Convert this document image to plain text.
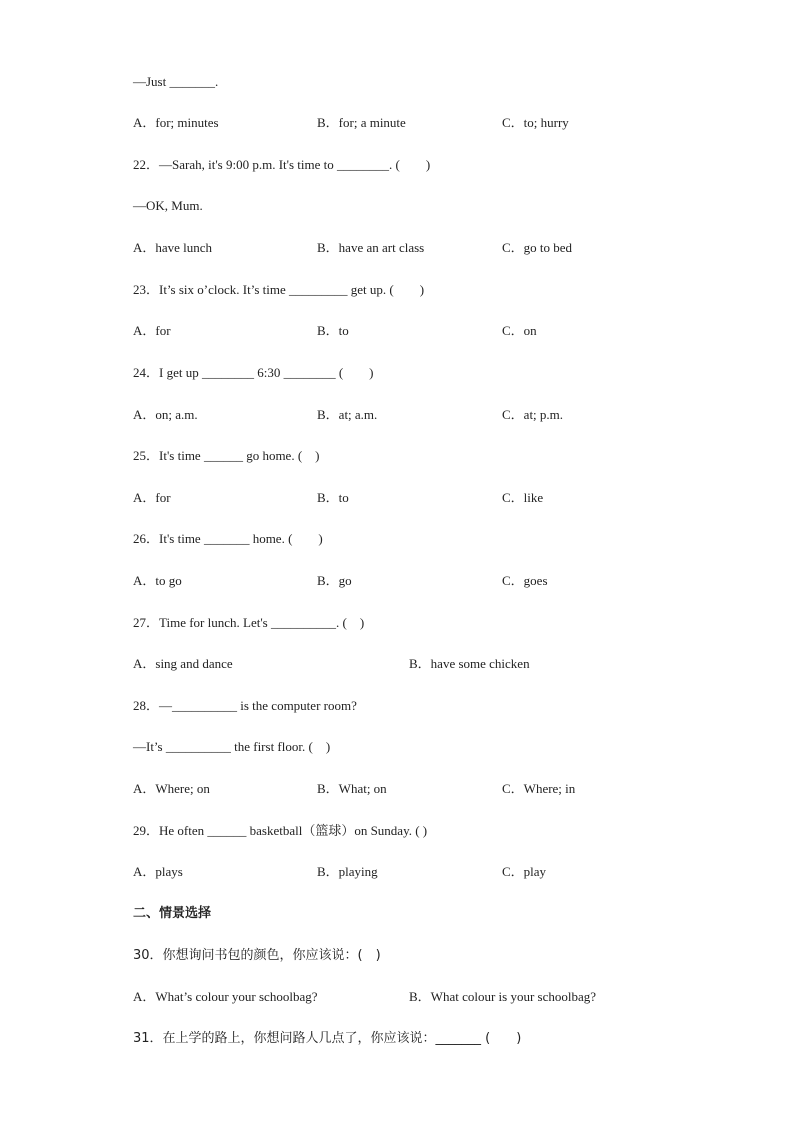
—Just _______.
A．for; minutes	B．for; a minute	C．to; hurry
22．—Sarah, it's 9:00 p.m. It's time to ________. (　　)
—OK, Mum.
A．have lunch	B．have an art class	C．go to bed
23．It’s six o’clock. It’s time _________ get up. (　　)
A．for	B．to	C．on
24．I get up ________ 6:30 ________ (　　)
A．on; a.m.	B．at; a.m.	C．at; p.m.
25．It's time ______ go home. (　)
A．for	B．to	C．like
26．It's time _______ home. (　　)
A．to go	B．go	C．goes
27．Time for lunch. Let's __________. (　)
A．sing and dance	B．have some chicken
28．—__________ is the computer room?
—It’s __________ the first floor. (　)
A．Where; on	B．What; on	C．Where; in
29．He often ______ basketball（篮球）on Sunday. ( )
A．plays	B．playing	C．play
二、情景选择
30．你想询问书包的颜色，你应该说：(　)
A．What’s colour your schoolbag?	B．What colour is your schoolbag?
31．在上学的路上，你想问路人几点了，你应该说：_______ (　　)
